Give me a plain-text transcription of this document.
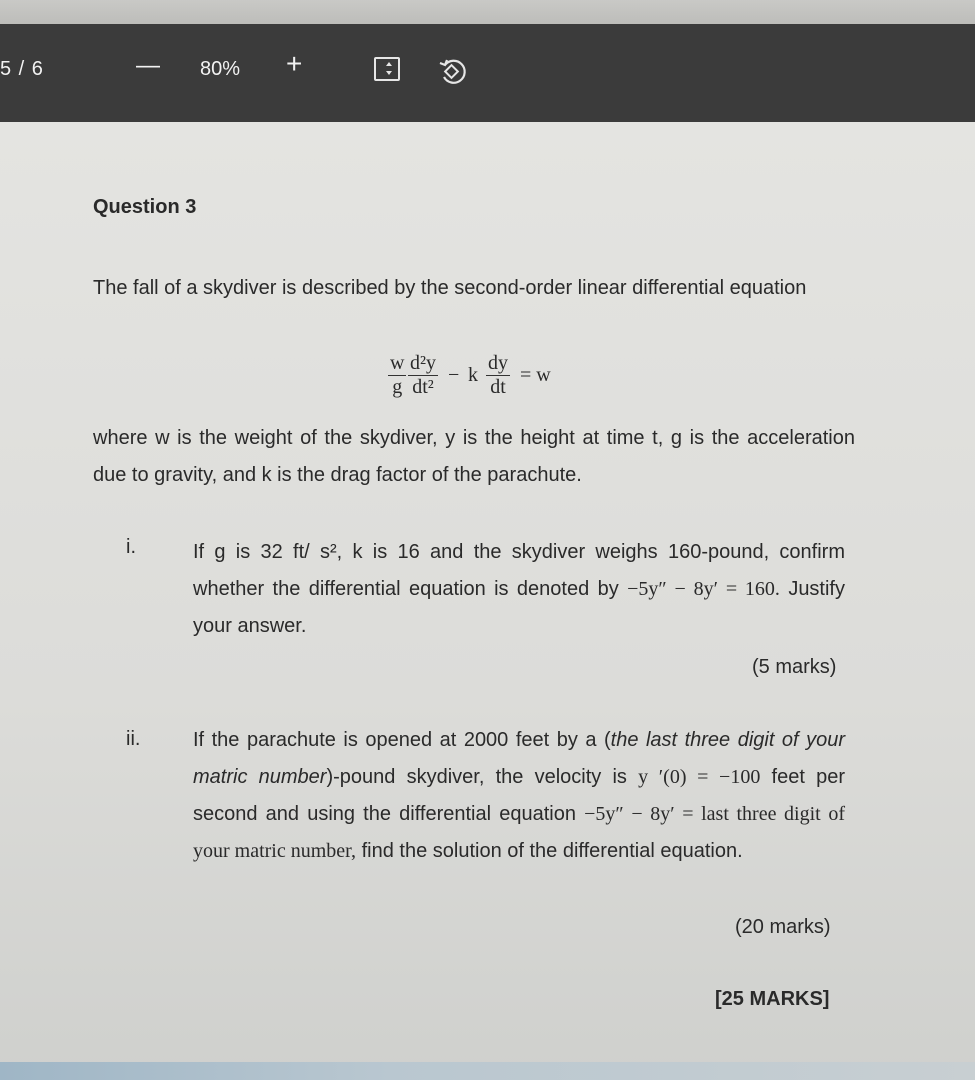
5 / 6	— 80% +
Question 3
The fall of a skydiver is described by the second-order linear differential equation
$\frac{w}{g} \frac{\text{d²y}}{\text{dt²}} - k \frac{dy}{dt} = w$
where w is the weight of the skydiver, y is the height at time t, g is the acceleration due to gravity, and k is the drag factor of the parachute.
i.	If g is 32 ft/ s², k is 16 and the skydiver weighs 160-pound, confirm whether the differential equation is denoted by −5y″ − 8y′ = 160. Justify your answer.
(5 marks)
ii.	If the parachute is opened at 2000 feet by a (the last three digit of your matric number)-pound skydiver, the velocity is y ′(0) = −100 feet per second and using the differential equation −5y″ − 8y′ = last three digit of your matric number, find the solution of the differential equation.
(20 marks)
[25 MARKS]
